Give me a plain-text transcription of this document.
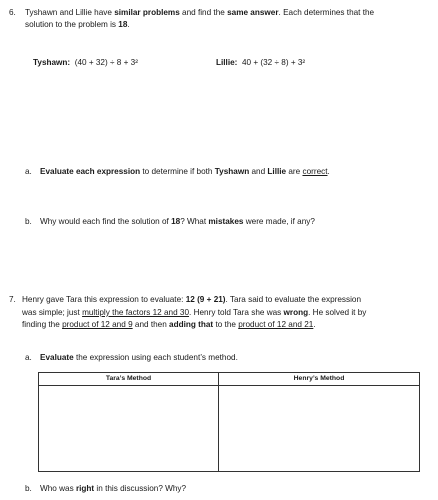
6. Tyshawn and Lillie have similar problems and find the same answer. Each determines that the
solution to the problem is 18.
Tyshawn: (40 + 32) ÷ 8 + 3²	Lillie: 40 + (32 ÷ 8) + 3²
a. Evaluate each expression to determine if both Tyshawn and Lillie are correct.
b. Why would each find the solution of 18? What mistakes were made, if any?
7. Henry gave Tara this expression to evaluate: 12 (9 + 21). Tara said to evaluate the expression
was simple; just multiply the factors 12 and 30. Henry told Tara she was wrong. He solved it by
finding the product of 12 and 9 and then adding that to the product of 12 and 21.
a. Evaluate the expression using each student’s method.
Tara’s Method	Henry’s Method

b. Who was right in this discussion? Why?
